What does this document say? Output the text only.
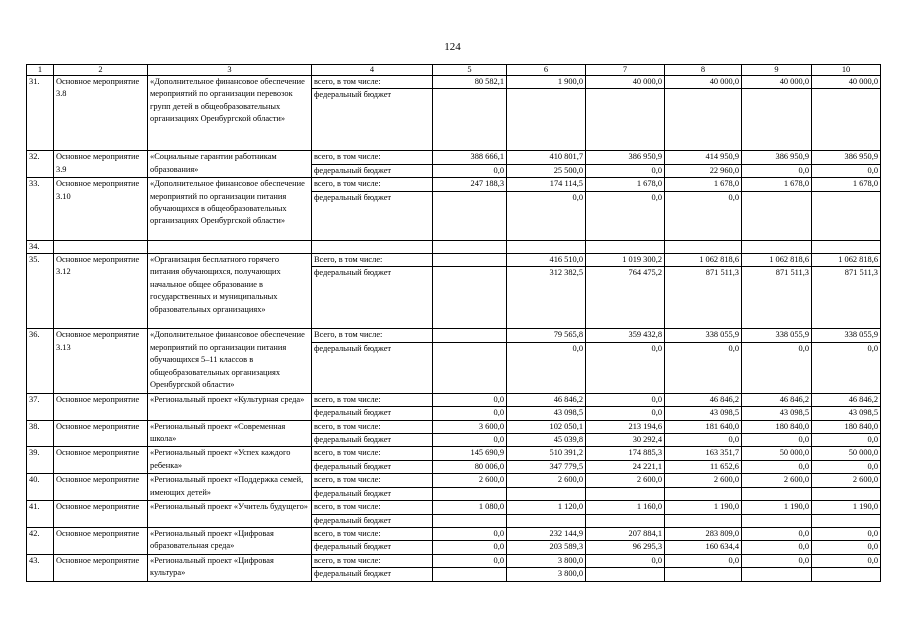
124
1	2	3	4	5	6	7	8	9	10
31.	Основное мероприятие 3.8	«Дополнительное финансовое обеспечение мероприятий по организации перевозок групп детей в общеобразовательных организациях Оренбургской области»	всего, в том числе:	80 582,1	1 900,0	40 000,0	40 000,0	40 000,0	40 000,0
			федеральный бюджет						
32.	Основное мероприятие 3.9	«Социальные гарантии работникам образования»	всего, в том числе:	388 666,1	410 801,7	386 950,9	414 950,9	386 950,9	386 950,9
			федеральный бюджет	0,0	25 500,0	0,0	22 960,0	0,0	0,0
33.	Основное мероприятие 3.10	«Дополнительное финансовое обеспечение мероприятий по организации питания обучающихся в общеобразовательных организациях Оренбургской области»	всего, в том числе:	247 188,3	174 114,5	1 678,0	1 678,0	1 678,0	1 678,0
			федеральный бюджет		0,0	0,0	0,0		
34.									
35.	Основное мероприятие 3.12	«Организация бесплатного горячего питания обучающихся, получающих начальное общее образование в государственных и муниципальных образовательных организациях»	Всего, в том числе:		416 510,0	1 019 300,2	1 062 818,6	1 062 818,6	1 062 818,6
			федеральный бюджет		312 382,5	764 475,2	871 511,3	871 511,3	871 511,3
36.	Основное мероприятие 3.13	«Дополнительное финансовое обеспечение мероприятий по организации питания обучающихся 5–11 классов в общеобразовательных организациях Оренбургской области»	Всего, в том числе:		79 565,8	359 432,8	338 055,9	338 055,9	338 055,9
			федеральный бюджет		0,0	0,0	0,0	0,0	0,0
37.	Основное мероприятие	«Региональный проект «Культурная среда»	всего, в том числе:	0,0	46 846,2	0,0	46 846,2	46 846,2	46 846,2
			федеральный бюджет	0,0	43 098,5	0,0	43 098,5	43 098,5	43 098,5
38.	Основное мероприятие	«Региональный проект «Современная школа»	всего, в том числе:	3 600,0	102 050,1	213 194,6	181 640,0	180 840,0	180 840,0
			федеральный бюджет	0,0	45 039,8	30 292,4	0,0	0,0	0,0
39.	Основное мероприятие	«Региональный проект «Успех каждого ребенка»	всего, в том числе:	145 690,9	510 391,2	174 885,3	163 351,7	50 000,0	50 000,0
			федеральный бюджет	80 006,0	347 779,5	24 221,1	11 652,6	0,0	0,0
40.	Основное мероприятие	«Региональный проект «Поддержка семей, имеющих детей»	всего, в том числе:	2 600,0	2 600,0	2 600,0	2 600,0	2 600,0	2 600,0
			федеральный бюджет						
41.	Основное мероприятие	«Региональный проект «Учитель будущего»	всего, в том числе:	1 080,0	1 120,0	1 160,0	1 190,0	1 190,0	1 190,0
			федеральный бюджет						
42.	Основное мероприятие	«Региональный проект «Цифровая образовательная среда»	всего, в том числе:	0,0	232 144,9	207 884,1	283 809,0	0,0	0,0
			федеральный бюджет	0,0	203 589,3	96 295,3	160 634,4	0,0	0,0
43.	Основное мероприятие	«Региональный проект «Цифровая культура»	всего, в том числе:	0,0	3 800,0	0,0	0,0	0,0	0,0
			федеральный бюджет		3 800,0				
